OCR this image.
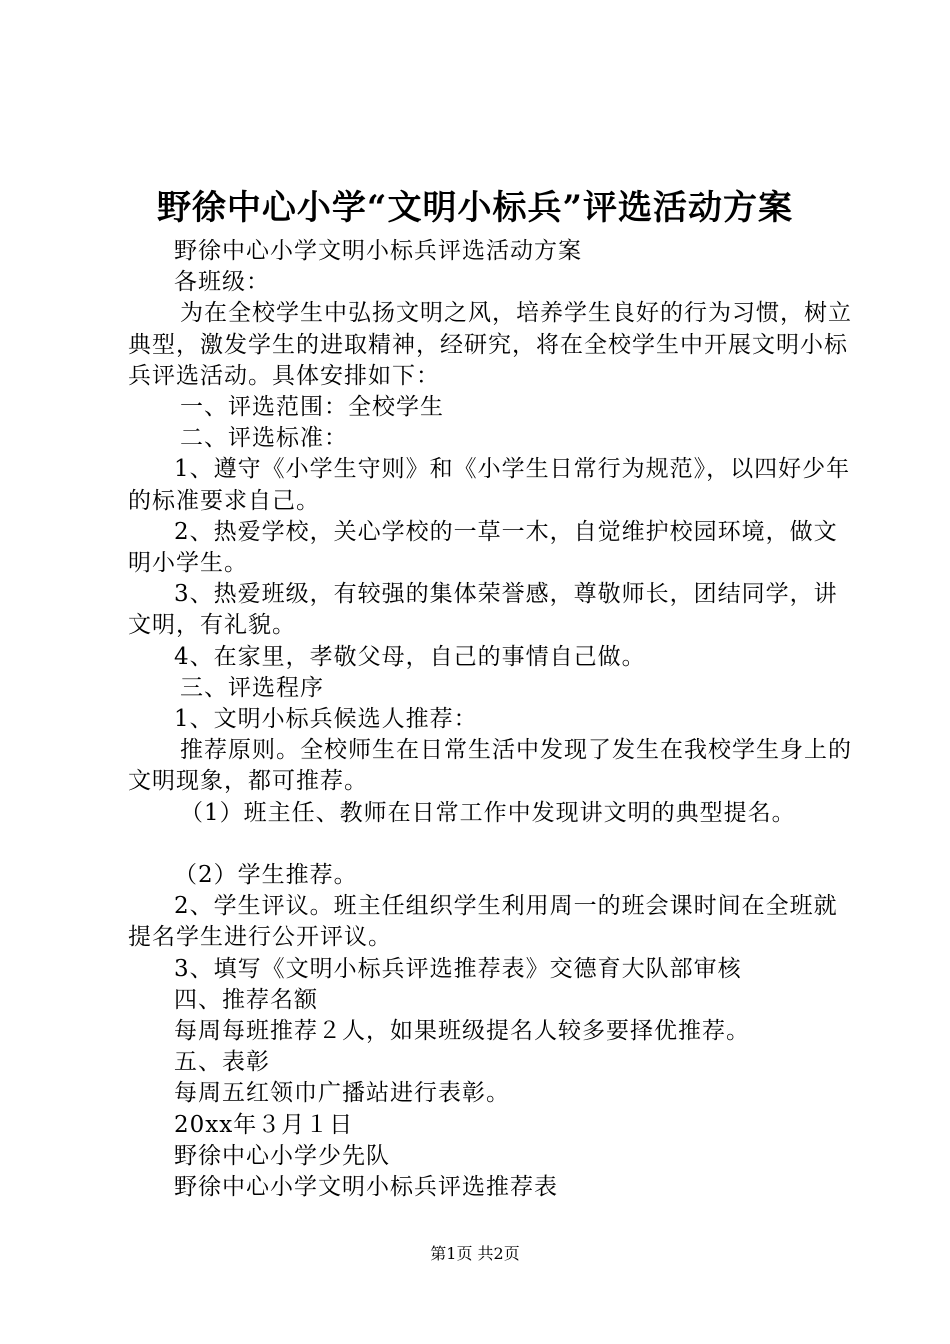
野徐中心小学“文明小标兵”评选活动方案

野徐中心小学文明小标兵评选活动方案

各班级：

为在全校学生中弘扬文明之风，培养学生良好的行为习惯，树立典型，激发学生的进取精神，经研究，将在全校学生中开展文明小标兵评选活动。具体安排如下：

一、评选范围：全校学生

二、评选标准：

1、遵守《小学生守则》和《小学生日常行为规范》，以四好少年的标准要求自己。

2、热爱学校，关心学校的一草一木，自觉维护校园环境，做文明小学生。

3、热爱班级，有较强的集体荣誉感，尊敬师长，团结同学，讲文明，有礼貌。

4、在家里，孝敬父母，自己的事情自己做。

三、评选程序

1、文明小标兵候选人推荐：

推荐原则。全校师生在日常生活中发现了发生在我校学生身上的文明现象，都可推荐。

（1）班主任、教师在日常工作中发现讲文明的典型提名。

（2）学生推荐。

2、学生评议。班主任组织学生利用周一的班会课时间在全班就提名学生进行公开评议。

3、填写《文明小标兵评选推荐表》交德育大队部审核

四、推荐名额

每周每班推荐２人，如果班级提名人较多要择优推荐。

五、表彰

每周五红领巾广播站进行表彰。

20xx年３月１日

野徐中心小学少先队

野徐中心小学文明小标兵评选推荐表

第1页 共2页
